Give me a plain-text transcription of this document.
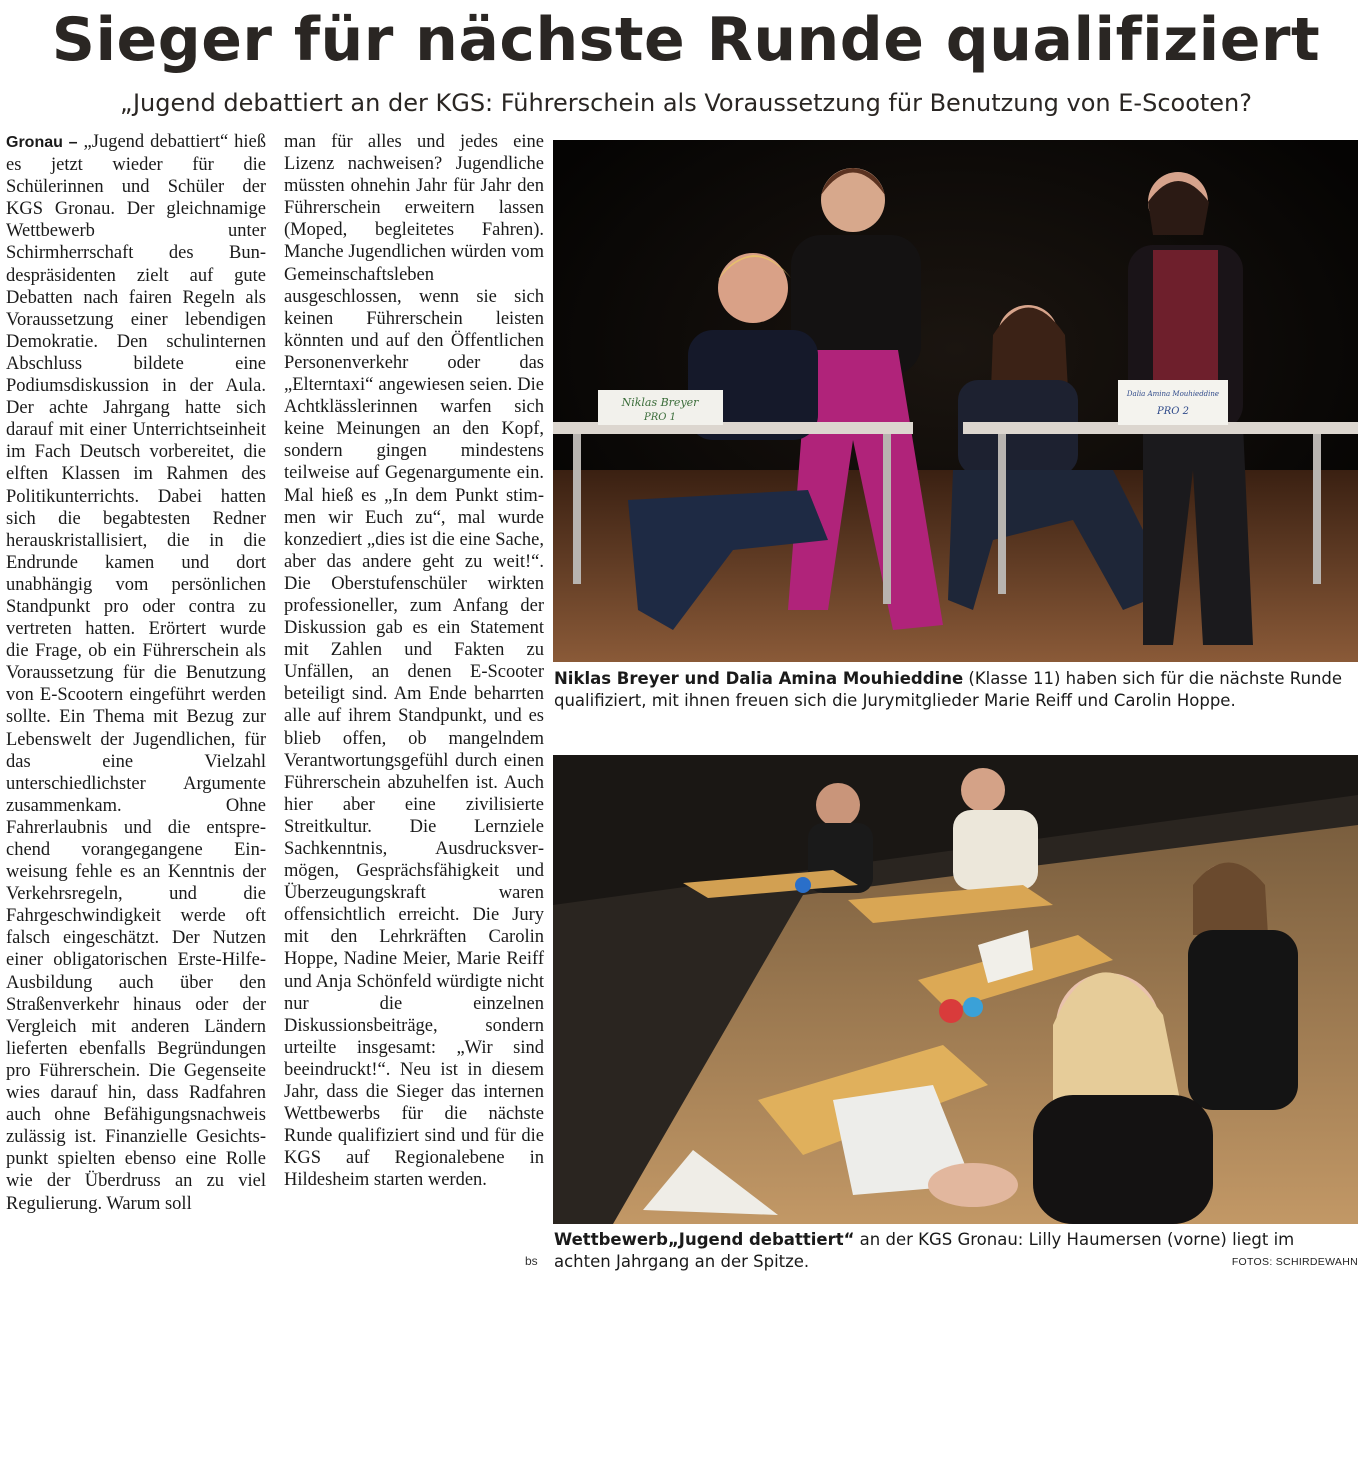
Sieger für nächste Runde qualifiziert
„Jugend debattiert an der KGS: Führerschein als Voraussetzung für Benutzung von E-Scooten?

Gronau – „Jugend debattiert“ hieß es jetzt wieder für die Schülerinnen und Schüler der KGS Gronau. Der gleichnamige Wettbewerb unter Schirmherrschaft des Bundespräsidenten zielt auf gute Debatten nach fairen Regeln als Voraussetzung einer lebendigen Demokratie. Den schulinternen Abschluss bildete eine Podiumsdiskussion in der Aula. Der achte Jahrgang hatte sich darauf mit einer Unterrichtseinheit im Fach Deutsch vorbereitet, die elften Klassen im Rahmen des Politikunterrichts. Dabei hatten sich die begabtesten Redner herauskristallisiert, die in die Endrunde kamen und dort unabhängig vom persönlichen Standpunkt pro oder contra zu vertreten hatten. Erörtert wurde die Frage, ob ein Führerschein als Voraussetzung für die Benutzung von E-Scootern eingeführt werden sollte. Ein Thema mit Bezug zur Lebenswelt der Jugendlichen, für das eine Vielzahl unterschiedlichster Argumente zusammenkam. Ohne Fahrerlaubnis und die entsprechend vorangegangene Einweisung fehle es an Kenntnis der Verkehrsregeln, und die Fahrgeschwindigkeit werde oft falsch eingeschätzt. Der Nutzen einer obligatorischen Erste-Hilfe-Ausbildung auch über den Straßenverkehr hinaus oder der Vergleich mit anderen Ländern lieferten ebenfalls Begründungen pro Führerschein. Die Gegenseite wies darauf hin, dass Radfahren auch ohne Befähigungsnachweis zulässig ist. Finanzielle Gesichtspunkt spielten ebenso eine Rolle wie der Überdruss an zu viel Regulierung. Warum soll

man für alles und jedes eine Lizenz nachweisen? Jugendliche müssten ohnehin Jahr für Jahr den Führerschein erweitern lassen (Moped, begleitetes Fahren). Manche Jugendlichen würden vom Gemeinschaftsleben ausgeschlossen, wenn sie sich keinen Führerschein leisten könnten und auf den Öffentlichen Personenverkehr oder das „Elterntaxi“ angewiesen seien. Die Achtklässlerinnen warfen sich keine Meinungen an den Kopf, sondern gingen mindestens teilweise auf Gegenargumente ein. Mal hieß es „In dem Punkt stimmen wir Euch zu“, mal wurde konzediert „dies ist die eine Sache, aber das andere geht zu weit!“. Die Oberstufenschüler wirkten professioneller, zum Anfang der Diskussion gab es ein Statement mit Zahlen und Fakten zu Unfällen, an denen E-Scooter beteiligt sind. Am Ende beharrten alle auf ihrem Standpunkt, und es blieb offen, ob mangelndem Verantwortungsgefühl durch einen Führerschein abzuhelfen ist. Auch hier aber eine zivilisierte Streitkultur. Die Lernziele Sachkenntnis, Ausdrucksvermögen, Gesprächsfähigkeit und Überzeugungskraft waren offensichtlich erreicht. Die Jury mit den Lehrkräften Carolin Hoppe, Nadine Meier, Marie Reiff und Anja Schönfeld würdigte nicht nur die einzelnen Diskussionsbeiträge, sondern urteilte insgesamt: „Wir sind beeindruckt!“. Neu ist in diesem Jahr, dass die Sieger das internen Wettbewerbs für die nächste Runde qualifiziert sind und für die KGS auf Regionalebene in Hildesheim starten werden.

bs
Niklas Breyer
PRO 1
Dalia Amina Mouhieddine
PRO 2
Niklas Breyer und Dalia Amina Mouhieddine (Klasse 11) haben sich für die nächste Runde qualifiziert, mit ihnen freuen sich die Jurymitglieder Marie Reiff und Carolin Hoppe.
Wettbewerb„Jugend debattiert“ an der KGS Gronau: Lilly Haumersen (vorne) liegt im achten Jahrgang an der Spitze.	FOTOS: SCHIRDEWAHN
